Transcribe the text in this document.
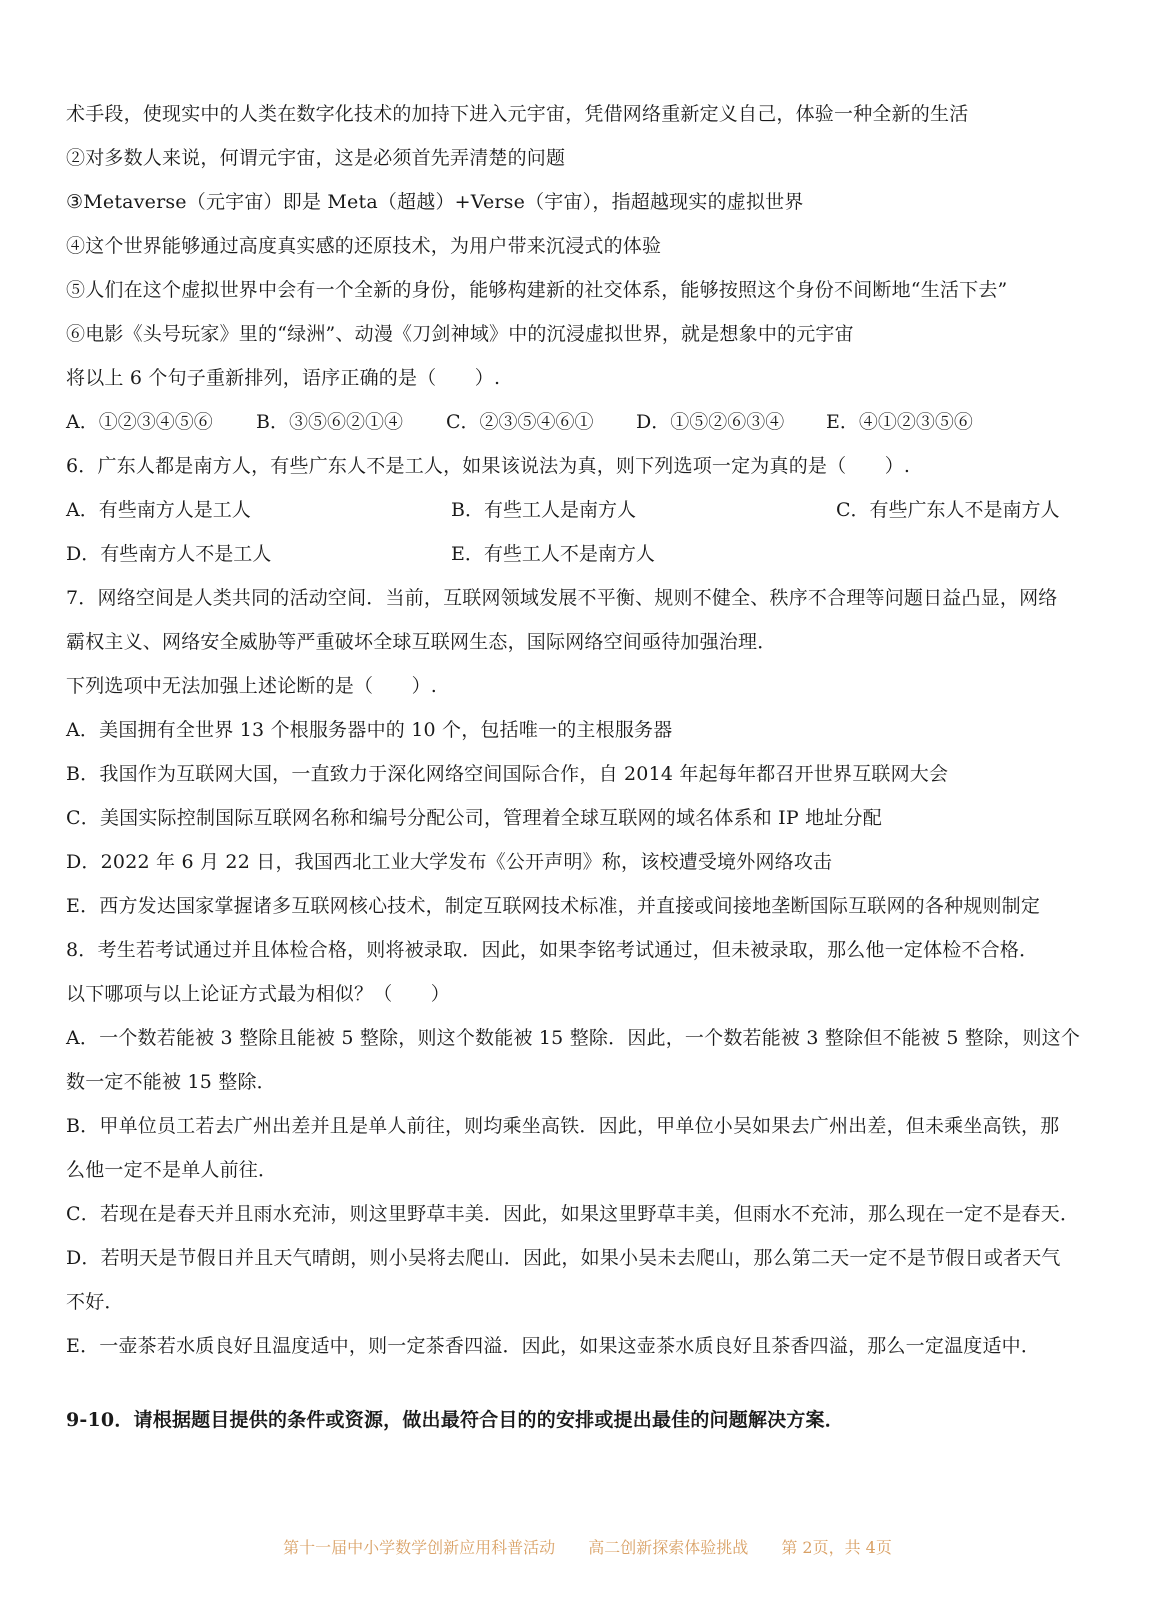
术手段，使现实中的人类在数字化技术的加持下进入元宇宙，凭借网络重新定义自己，体验一种全新的生活
②对多数人来说，何谓元宇宙，这是必须首先弄清楚的问题
③Metaverse（元宇宙）即是 Meta（超越）+Verse（宇宙），指超越现实的虚拟世界
④这个世界能够通过高度真实感的还原技术，为用户带来沉浸式的体验
⑤人们在这个虚拟世界中会有一个全新的身份，能够构建新的社交体系，能够按照这个身份不间断地“生活下去”
⑥电影《头号玩家》里的“绿洲”、动漫《刀剑神域》中的沉浸虚拟世界，就是想象中的元宇宙
将以上 6 个句子重新排列，语序正确的是（　　）.
A．①②③④⑤⑥	B．③⑤⑥②①④	C．②③⑤④⑥①	D．①⑤②⑥③④	E．④①②③⑤⑥
6．广东人都是南方人，有些广东人不是工人，如果该说法为真，则下列选项一定为真的是（　　）.
A．有些南方人是工人	B．有些工人是南方人	C．有些广东人不是南方人
D．有些南方人不是工人	E．有些工人不是南方人
7．网络空间是人类共同的活动空间．当前，互联网领域发展不平衡、规则不健全、秩序不合理等问题日益凸显，网络
霸权主义、网络安全威胁等严重破坏全球互联网生态，国际网络空间亟待加强治理．
下列选项中无法加强上述论断的是（　　）.
A．美国拥有全世界 13 个根服务器中的 10 个，包括唯一的主根服务器
B．我国作为互联网大国，一直致力于深化网络空间国际合作，自 2014 年起每年都召开世界互联网大会
C．美国实际控制国际互联网名称和编号分配公司，管理着全球互联网的域名体系和 IP 地址分配
D．2022 年 6 月 22 日，我国西北工业大学发布《公开声明》称，该校遭受境外网络攻击
E．西方发达国家掌握诸多互联网核心技术，制定互联网技术标准，并直接或间接地垄断国际互联网的各种规则制定
8．考生若考试通过并且体检合格，则将被录取．因此，如果李铭考试通过，但未被录取，那么他一定体检不合格．
以下哪项与以上论证方式最为相似？（　　）
A．一个数若能被 3 整除且能被 5 整除，则这个数能被 15 整除．因此，一个数若能被 3 整除但不能被 5 整除，则这个
数一定不能被 15 整除．
B．甲单位员工若去广州出差并且是单人前往，则均乘坐高铁．因此，甲单位小吴如果去广州出差，但未乘坐高铁，那
么他一定不是单人前往．
C．若现在是春天并且雨水充沛，则这里野草丰美．因此，如果这里野草丰美，但雨水不充沛，那么现在一定不是春天．
D．若明天是节假日并且天气晴朗，则小吴将去爬山．因此，如果小吴未去爬山，那么第二天一定不是节假日或者天气
不好．
E．一壶茶若水质良好且温度适中，则一定茶香四溢．因此，如果这壶茶水质良好且茶香四溢，那么一定温度适中．
9-10．请根据题目提供的条件或资源，做出最符合目的的安排或提出最佳的问题解决方案．
第十一届中小学数学创新应用科普活动 高二创新探索体验挑战 第 2页，共 4页
